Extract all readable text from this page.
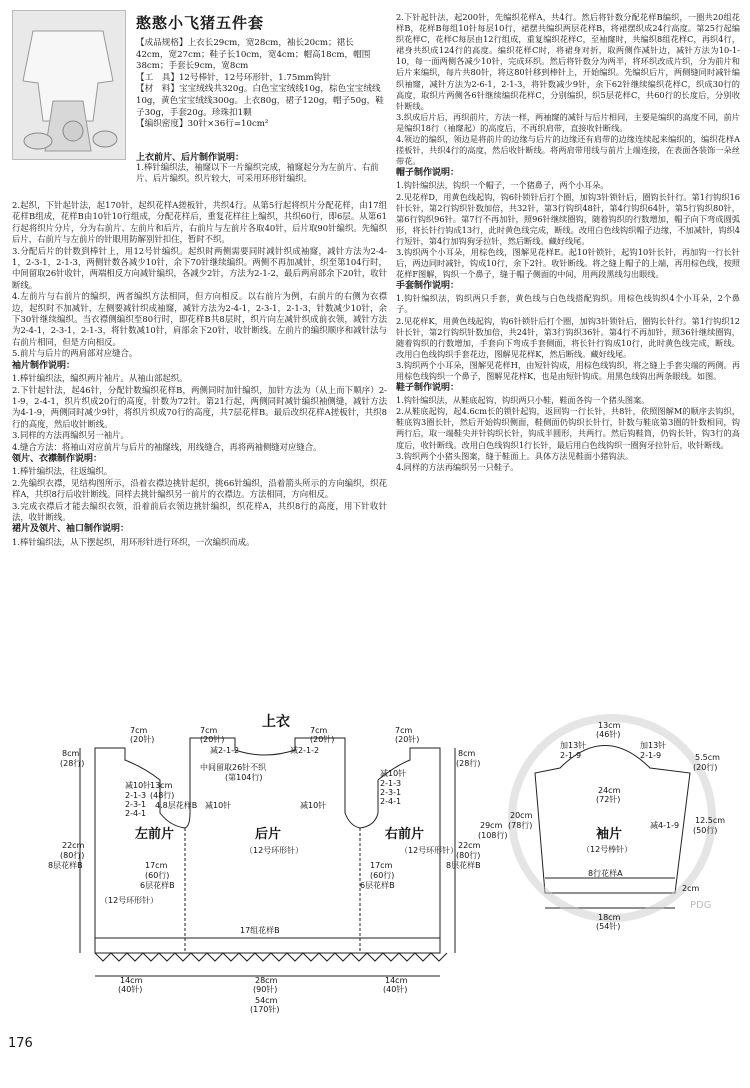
憨憨小飞猪五件套

【成品规格】上衣长29cm，宽28cm，袖长20cm；裙长42cm，宽27cm；鞋子长10cm，宽4cm；帽高18cm，帽围38cm；手套长9cm，宽8cm

【工　具】12号棒针，12号环形针，1.75mm钩针

【材　料】宝宝绒线共320g。白色宝宝绒线10g，棕色宝宝绒线10g，黄色宝宝绒线300g。上衣80g，裙子120g，帽子50g，鞋子30g，手套20g。珍珠扣1颗

【编织密度】30针×36行=10cm²

上衣前片、后片制作说明：

1.棒针编织法，袖窿以下一片编织完成，袖窿起分为左前片、右前片、后片编织。织片较大，可采用环形针编织。

2.起织，下针起针法，起170针，起织花样A搓板针，共织4行。从第5行起将织片分配花样，由17组花样B组成，花样B由10针10行组成，分配花样后，重复花样往上编织，共织60行，即6层。从第61行起将织片分片，分为右前片、左前片和后片，右前片与左前片各取40针，后片取90针编织。先编织后片，右前片与左前片的针眼用防解别针扣住，暂时不织。

3.分配后片的针数到棒针上，用12号针编织。起织时两侧需要同时减针织成袖窿，减针方法为2-4-1，2-3-1，2-1-3，两侧针数各减少10针，余下70针继续编织。两侧不再加减针，织至第104行时，中间留取26针收针，两端相反方向减针编织，各减少2针，方法为2-1-2，最后两肩部余下20针，收针断线。

4.左前片与右前片的编织，两者编织方法相同，但方向相反。以右前片为例，右前片的右侧为衣襟边，起织时不加减针，左侧要减针织成袖窿，减针方法为2-4-1，2-3-1，2-1-3，针数减少10针，余下30针继续编织。当衣襟侧编织至80行时，即花样B共8层时，织片向左减针织成前衣领，减针方法为2-4-1，2-3-1，2-1-3，将针数减10针，肩部余下20针，收针断线。左前片的编织顺序和减针法与右前片相同，但是方向相反。

5.前片与后片的两肩部对应缝合。

袖片制作说明：

1.棒针编织法，编织两片袖片。从袖山部起织。

2.下针起针法，起46针，分配针数编织花样B，两侧同时加针编织，加针方法为（从上而下顺序）2-1-9，2-4-1，织片织成20行的高度，针数为72针。第21行起，两侧同时减针编织袖侧缝，减针方法为4-1-9，两侧同时减少9针，将织片织成70行的高度，共7层花样B。最后改织花样A搓板针，共织8行的高度，然后收针断线。

3.同样的方法再编织另一袖片。

4.缝合方法：将袖山对应前片与后片的袖窿线，用线缝合，再将两袖侧缝对应缝合。

领片、衣襟制作说明：

1.棒针编织法，往返编织。

2.先编织衣襟，见结构图所示，沿着衣襟边挑针起织，挑66针编织，沿着箭头所示的方向编织，织花样A，共织8行后收针断线。同样去挑针编织另一前片的衣襟边。方法相同，方向相反。

3.完成衣襟后才能去编织衣领，沿着前后衣领边挑针编织，织花样A，共织8行的高度，用下针收针法，收针断线。

裙片及领片、袖口制作说明：

1.棒针编织法，从下摆起织，用环形针进行环织，一次编织而成。

2.下针起针法，起200针，先编织花样A，共4行。然后将针数分配花样B编织，一圈共20组花样B，花样B每组10针每层10行，裙摆共编织两层花样B，将裙摆织成24行高度。第25行起编织花样C，花样C每层由12行组成，重复编织花样C，至袖窿时，共编织8组花样C，再织4行，裙身共织成124行的高度。编织花样C时，将裙身对折，取两侧作减针边，减针方法为10-1-10，每一面两侧各减少10针，完成环织。然后将针数分为两半，将环织改成片织，分为前片和后片来编织，每片共80针，将这80针移到棒针上，开始编织。先编织后片，两侧缝同时减针编织袖窿，减针方法为2-6-1，2-1-3，将针数减少9针，余下62针继续编织花样C，织成30行的高度，取织片两侧各6针继续编织花样C，分别编织，织5层花样C，共60行的长度后，分别收针断线。

3.织成后片后，再织前片，方法一样，两袖窿的减针与后片相同，主要是编织的高度不同，前片是编织18行（袖窿起）的高度后，不再织肩带，直接收针断线。

4.领边的编织，领边是将前片的边缘与后片的边缘还有肩带的边缘连续起来编织的，编织花样A搓板针，共织4行的高度，然后收针断线。将两肩带用线与前片上端连接，在表面各装饰一朵丝带花。

帽子制作说明：

1.钩针编织法，钩织一个帽子，一个猪鼻子，两个小耳朵。

2.见花样D，用黄色线起钩，钩6针锁针后打个圈，加钩3针锁针后，圈钩长针行。第1行钩织16针长针，第2行钩织针数加倍，共32针，第3行钩织48针，第4行钩织64针，第5行钩织80针，第6行钩织96针。第7行不再加针，照96针继续圈钩，随着钩织的行数增加，帽子向下弯成圆弧形，将长针行钩成13行，此时黄色线完成，断线。改用白色线钩织帽子边缘，不加减针，钩织4行短针，第4行加钩狗牙拉针，然后断线。藏好线尾。

3.钩织两个小耳朵，用棕色线，图解见花样E。起10针锁针，起钩10针长针，再加钩一行长针后，两边同时减针，钩成10行，余下2针。收针断线。将之缝上帽子的上端，再用棕色线，按照花样F图解，钩织一个鼻子，缝于帽子侧面的中间，用两段黑线勾出眼线。

手套制作说明：

1.钩针编织法，钩织两只手套，黄色线与白色线搭配钩织。用棕色线钩织4个小耳朵，2个鼻子。

2.见花样K，用黄色线起钩，钩6针锁针后打个圈，加钩3针锁针后，圈钩长针行。第1行钩织12针长针，第2行钩织针数加倍，共24针，第3行钩织36针。第4行不再加针，照36针继续圈钩，随着钩织的行数增加，手套向下弯成手套侧面，将长针行钩成10行，此时黄色线完成，断线。改用白色线钩织手套花边，图解见花样K，然后断线。藏好线尾。

3.钩织两个小耳朵，图解见花样H，由短针钩成，用棕色线钩织，将之缝上手套尖端的两侧。再用棕色线钩织一个鼻子，图解见花样K，也是由短针钩成。用黑色线钩出两条眼线。如图。

鞋子制作说明：

1.钩针编织法，从鞋底起钩，钩织两只小鞋，鞋面各钩一个猪头图案。

2.从鞋底起钩，起4.6cm长的锁针起钩，返回钩一行长针，共8针，依照图解M的顺序去钩织，鞋底钩3圈长针，然后开始钩织侧面，鞋侧面仍钩织长针行，针数与鞋底第3圈的针数相同，钩两行后，取一端鞋尖并针钩织长针，钩成半圆形，共两行。然后钩鞋筒，仍钩长针，钩3行的高度后，收针断线。改用白色线钩织1行长针，最后用白色线钩织一圈狗牙拉针后，收针断线。

3.钩织两个小猪头图案，缝于鞋面上。具体方法见鞋面小猪钩法。

4.同样的方法再编织另一只鞋子。

PDG
上衣
左前片	后片	右前片
（12号环形针）
（12号环形针）
（12号环形针）
7cm
(20针)
7cm
(20针)
7cm
(20针)
7cm
(20针)
减2-1-2	减2-1-2
中间留取26针不织
(第104行)
减10针
2-1-3
2-3-1
2-4-1
减10针
2-1-3
2-3-1
2-4-1
13cm
(48行)
4.8层花样B 减10针	减10针
17cm
(60行)
6层花样B
17cm
(60行)
6层花样B
8cm
(28行)
22cm
(80行)
8层花样B
8cm
(28行)
22cm
(80行)
8层花样B
29cm
(108行)
20cm
(78行)
17组花样B
14cm
(40针)
28cm
(90针)
14cm
(40针)
54cm
(170针)
13cm
(46针)
加13针
2-1-9
加13针
2-1-9
24cm
(72针)
袖片
（12号棒针）
减4-1-9
8行花样A
5.5cm
(20行)
12.5cm
(50行)
2cm
18cm
(54针)
176
